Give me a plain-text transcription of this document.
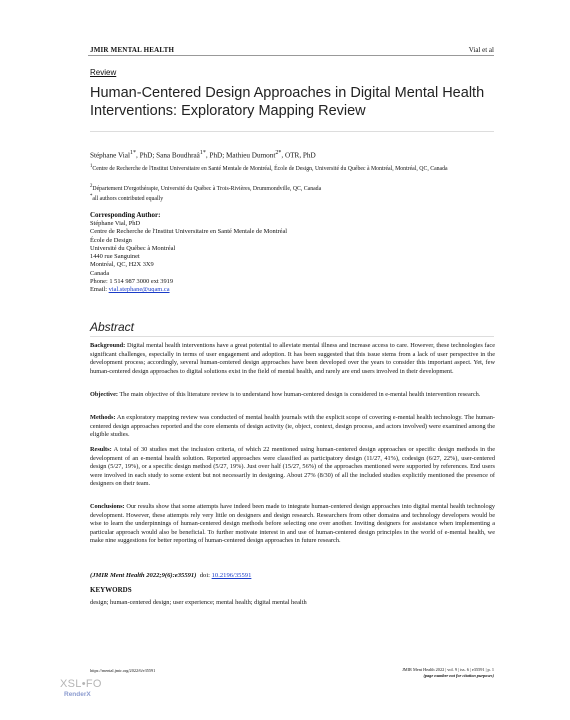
JMIR MENTAL HEALTH	Vial et al
Review
Human-Centered Design Approaches in Digital Mental Health Interventions: Exploratory Mapping Review
Stéphane Vial$^{1*}$, PhD; Sana Boudhraâ$^{1*}$, PhD; Mathieu Dumont$^{2*}$, OTR, PhD
$^1$Centre de Recherche de l'Institut Universitaire en Santé Mentale de Montréal, École de Design, Université du Québec à Montréal, Montréal, QC, Canada
$^2$Département D'ergothérapie, Université du Québec à Trois-Rivières, Drummondville, QC, Canada
*all authors contributed equally
Corresponding Author:
Stéphane Vial, PhD
Centre de Recherche de l'Institut Universitaire en Santé Mentale de Montréal
École de Design
Université du Québec à Montréal
1440 rue Sanguinet
Montréal, QC, H2X 3X9
Canada
Phone: 1 514 987 3000 ext 3919
Email: vial.stephane@uqam.ca
Abstract
Background: Digital mental health interventions have a great potential to alleviate mental illness and increase access to care. However, these technologies face significant challenges, especially in terms of user engagement and adoption. It has been suggested that this issue stems from a lack of user perspective in the development process; accordingly, several human-centered design approaches have been developed over the years to consider this important aspect. Yet, few human-centered design approaches to digital solutions exist in the field of mental health, and rarely are end users involved in their development.
Objective: The main objective of this literature review is to understand how human-centered design is considered in e-mental health intervention research.
Methods: An exploratory mapping review was conducted of mental health journals with the explicit scope of covering e-mental health technology. The human-centered design approaches reported and the core elements of design activity (ie, object, context, design process, and actors involved) were examined among the eligible studies.
Results: A total of 30 studies met the inclusion criteria, of which 22 mentioned using human-centered design approaches or specific design methods in the development of an e-mental health solution. Reported approaches were classified as participatory design (11/27, 41%), codesign (6/27, 22%), user-centered design (5/27, 19%), or a specific design method (5/27, 19%). Just over half (15/27, 56%) of the approaches mentioned were supported by references. End users were involved in each study to some extent but not necessarily in designing. About 27% (8/30) of all the included studies explicitly mentioned the presence of designers on their team.
Conclusions: Our results show that some attempts have indeed been made to integrate human-centered design approaches into digital mental health technology development. However, these attempts rely very little on designers and design research. Researchers from other domains and technology developers would be wise to learn the underpinnings of human-centered design methods before selecting one over another. Inviting designers for assistance when implementing a particular approach would also be beneficial. To further motivate interest in and use of human-centered design principles in the world of e-mental health, we make nine suggestions for better reporting of human-centered design approaches in future research.
(JMIR Ment Health 2022;9(6):e35591)  doi: 10.2196/35591
KEYWORDS
design; human-centered design; user experience; mental health; digital mental health
https://mental.jmir.org/2022/6/e35591	JMIR Ment Health 2022 | vol. 9 | iss. 6 | e35591 | p. 1
(page number not for citation purposes)
XSL•FO
RenderX
